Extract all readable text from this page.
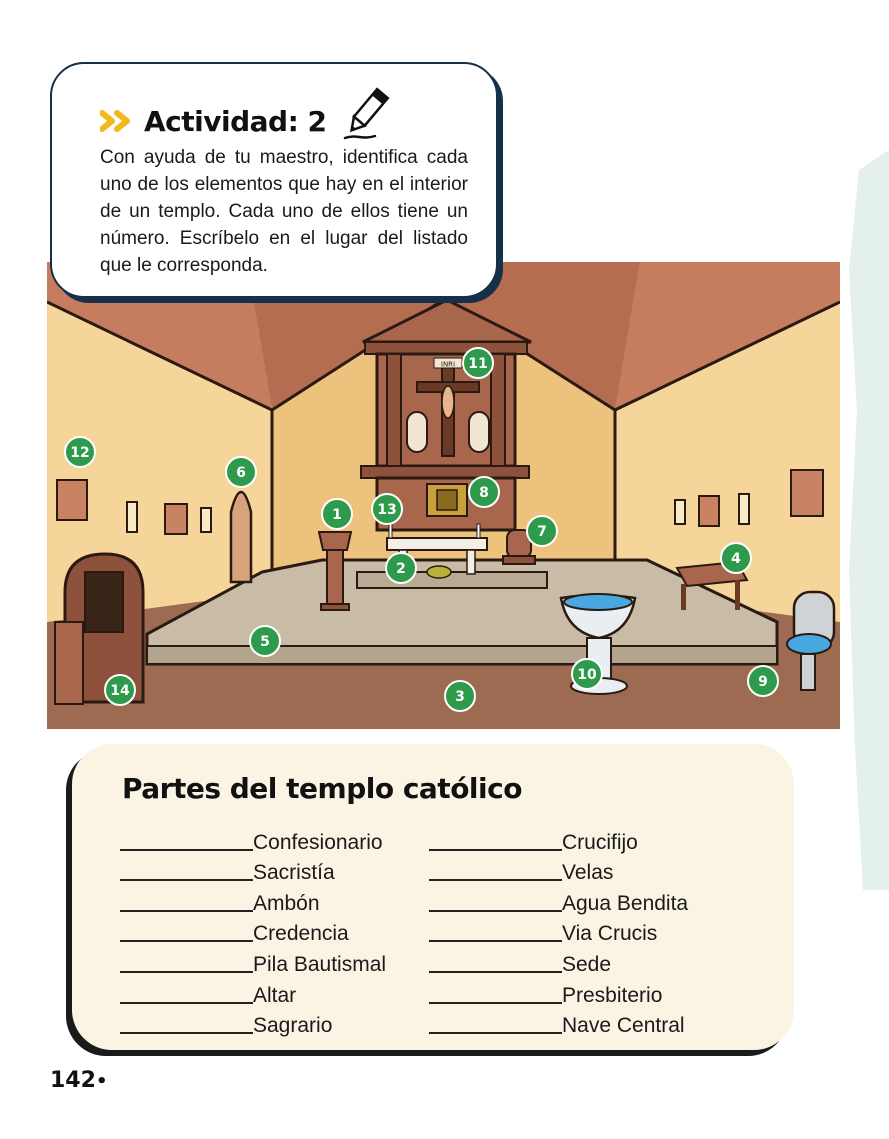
Actividad: 2

Con ayuda de tu maestro, identifica cada uno de los elementos que hay en el interior de un templo. Cada uno de ellos tiene un número. Escríbelo en el lugar del listado que le corresponda.

INRI
1
2
3
4
5
6
7
8
9
10
11
12
13
14
Partes del templo católico
Confesionario
Sacristía
Ambón
Credencia
Pila Bautismal
Altar
Sagrario
Crucifijo
Velas
Agua Bendita
Via Crucis
Sede
Presbiterio
Nave Central
142•
